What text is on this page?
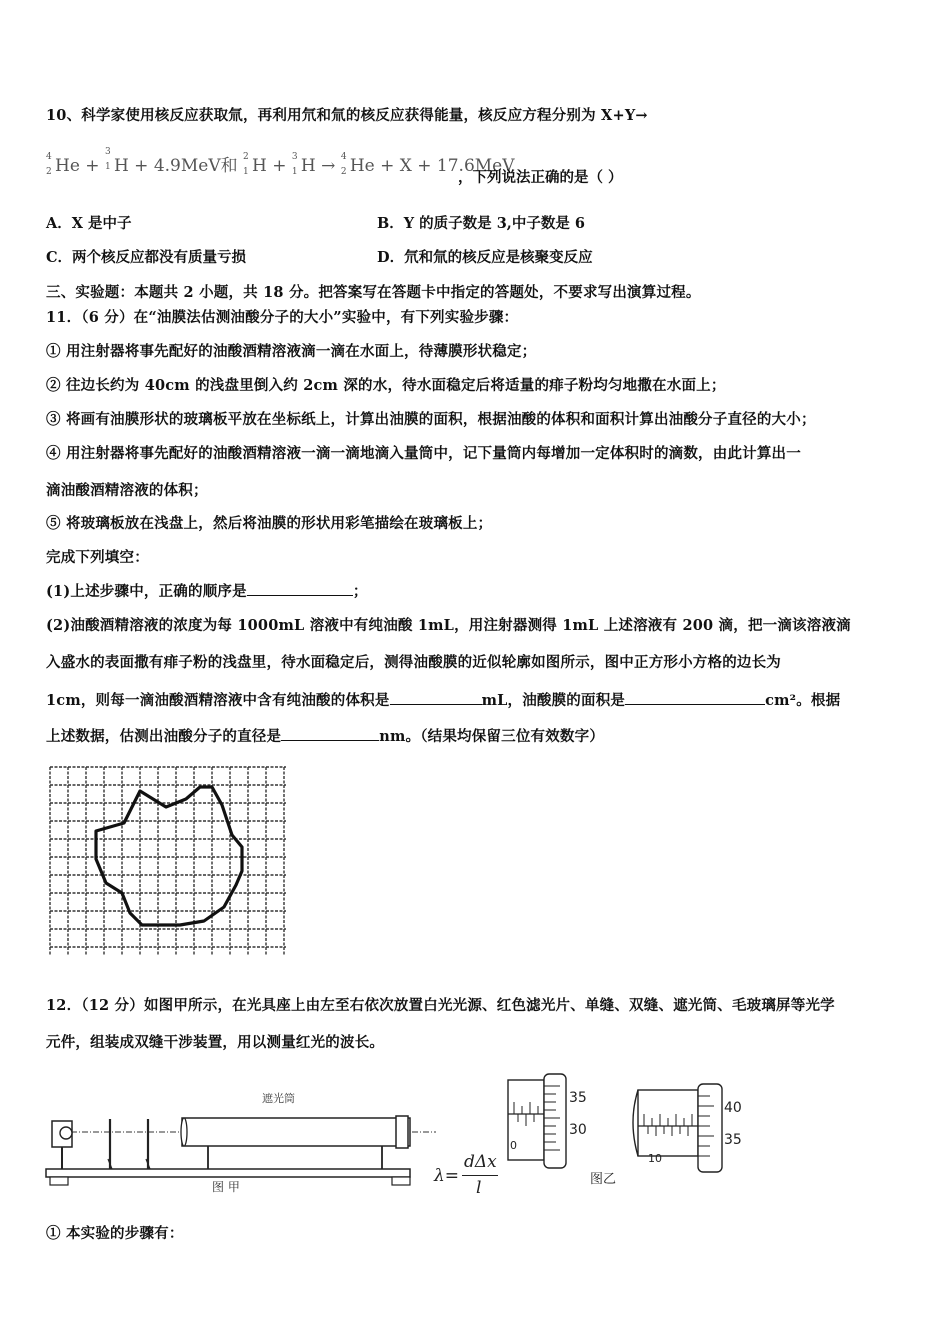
10、科学家使用核反应获取氚，再利用氘和氚的核反应获得能量，核反应方程分别为 X+Y→
4
2 He +
3
1 H + 4.9MeV和 2
1 H + 3
1 H → 4
2 He + X + 17.6MeV
，下列说法正确的是（ ）
A．X 是中子	B．Y 的质子数是 3,中子数是 6
C．两个核反应都没有质量亏损	D．氘和氚的核反应是核聚变反应
三、实验题：本题共 2 小题，共 18 分。把答案写在答题卡中指定的答题处，不要求写出演算过程。
11．（6 分）在“油膜法估测油酸分子的大小”实验中，有下列实验步骤：
① 用注射器将事先配好的油酸酒精溶液滴一滴在水面上，待薄膜形状稳定；
② 往边长约为 40cm 的浅盘里倒入约 2cm 深的水，待水面稳定后将适量的痱子粉均匀地撒在水面上；
③ 将画有油膜形状的玻璃板平放在坐标纸上，计算出油膜的面积，根据油酸的体积和面积计算出油酸分子直径的大小；
④ 用注射器将事先配好的油酸酒精溶液一滴一滴地滴入量筒中，记下量筒内每增加一定体积时的滴数，由此计算出一
滴油酸酒精溶液的体积；
⑤ 将玻璃板放在浅盘上，然后将油膜的形状用彩笔描绘在玻璃板上；
完成下列填空：
(1)上述步骤中，正确的顺序是	；
(2)油酸酒精溶液的浓度为每 1000mL 溶液中有纯油酸 1mL，用注射器测得 1mL 上述溶液有 200 滴，把一滴该溶液滴
入盛水的表面撒有痱子粉的浅盘里，待水面稳定后，测得油酸膜的近似轮廓如图所示，图中正方形小方格的边长为
1cm，则每一滴油酸酒精溶液中含有纯油酸的体积是	mL，油酸膜的面积是	cm²。根据
上述数据，估测出油酸分子的直径是	nm。（结果均保留三位有效数字）
12．（12 分）如图甲所示，在光具座上由左至右依次放置白光光源、红色滤光片、单缝、双缝、遮光筒、毛玻璃屏等光学
元件，组装成双缝干涉装置，用以测量红光的波长。
遮光筒
图 甲
λ=
dΔx
l
0
35
30
10
40
35
图乙
① 本实验的步骤有：
